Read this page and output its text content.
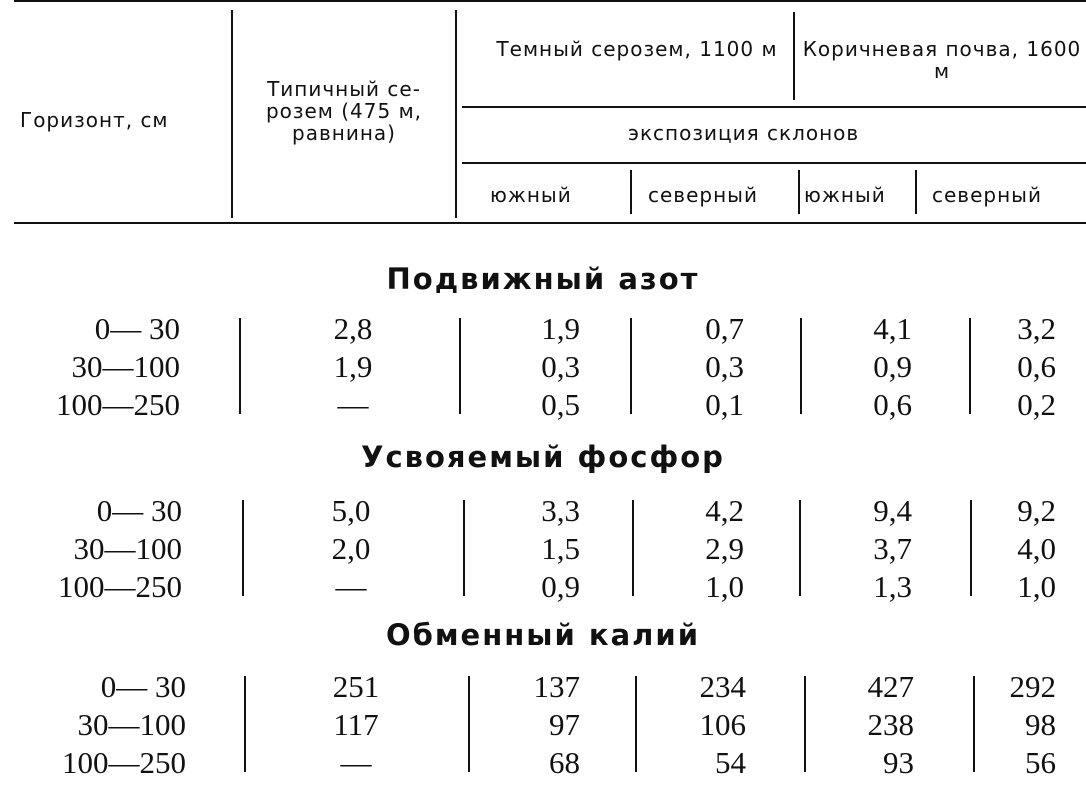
Горизонт, см
Типичный се- розем (475 м, равнина)
Темный серозем, 1100 м Коричневая почва, 1600 м
экспозиция склонов
южный	северный южный северный
Подвижный азот
0— 30
30—100
100—250
2,8
1,9
—
1,9
0,3
0,5
0,7
0,3
0,1
4,1
0,9
0,6
3,2
0,6
0,2
Усвояемый фосфор
0— 30
30—100
100—250
5,0
2,0
—
3,3
1,5
0,9
4,2
2,9
1,0
9,4
3,7
1,3
9,2
4,0
1,0
Обменный калий
0— 30
30—100
100—250
251
117
—
137
97
68
234
106
54
427
238
93
292
98
56
